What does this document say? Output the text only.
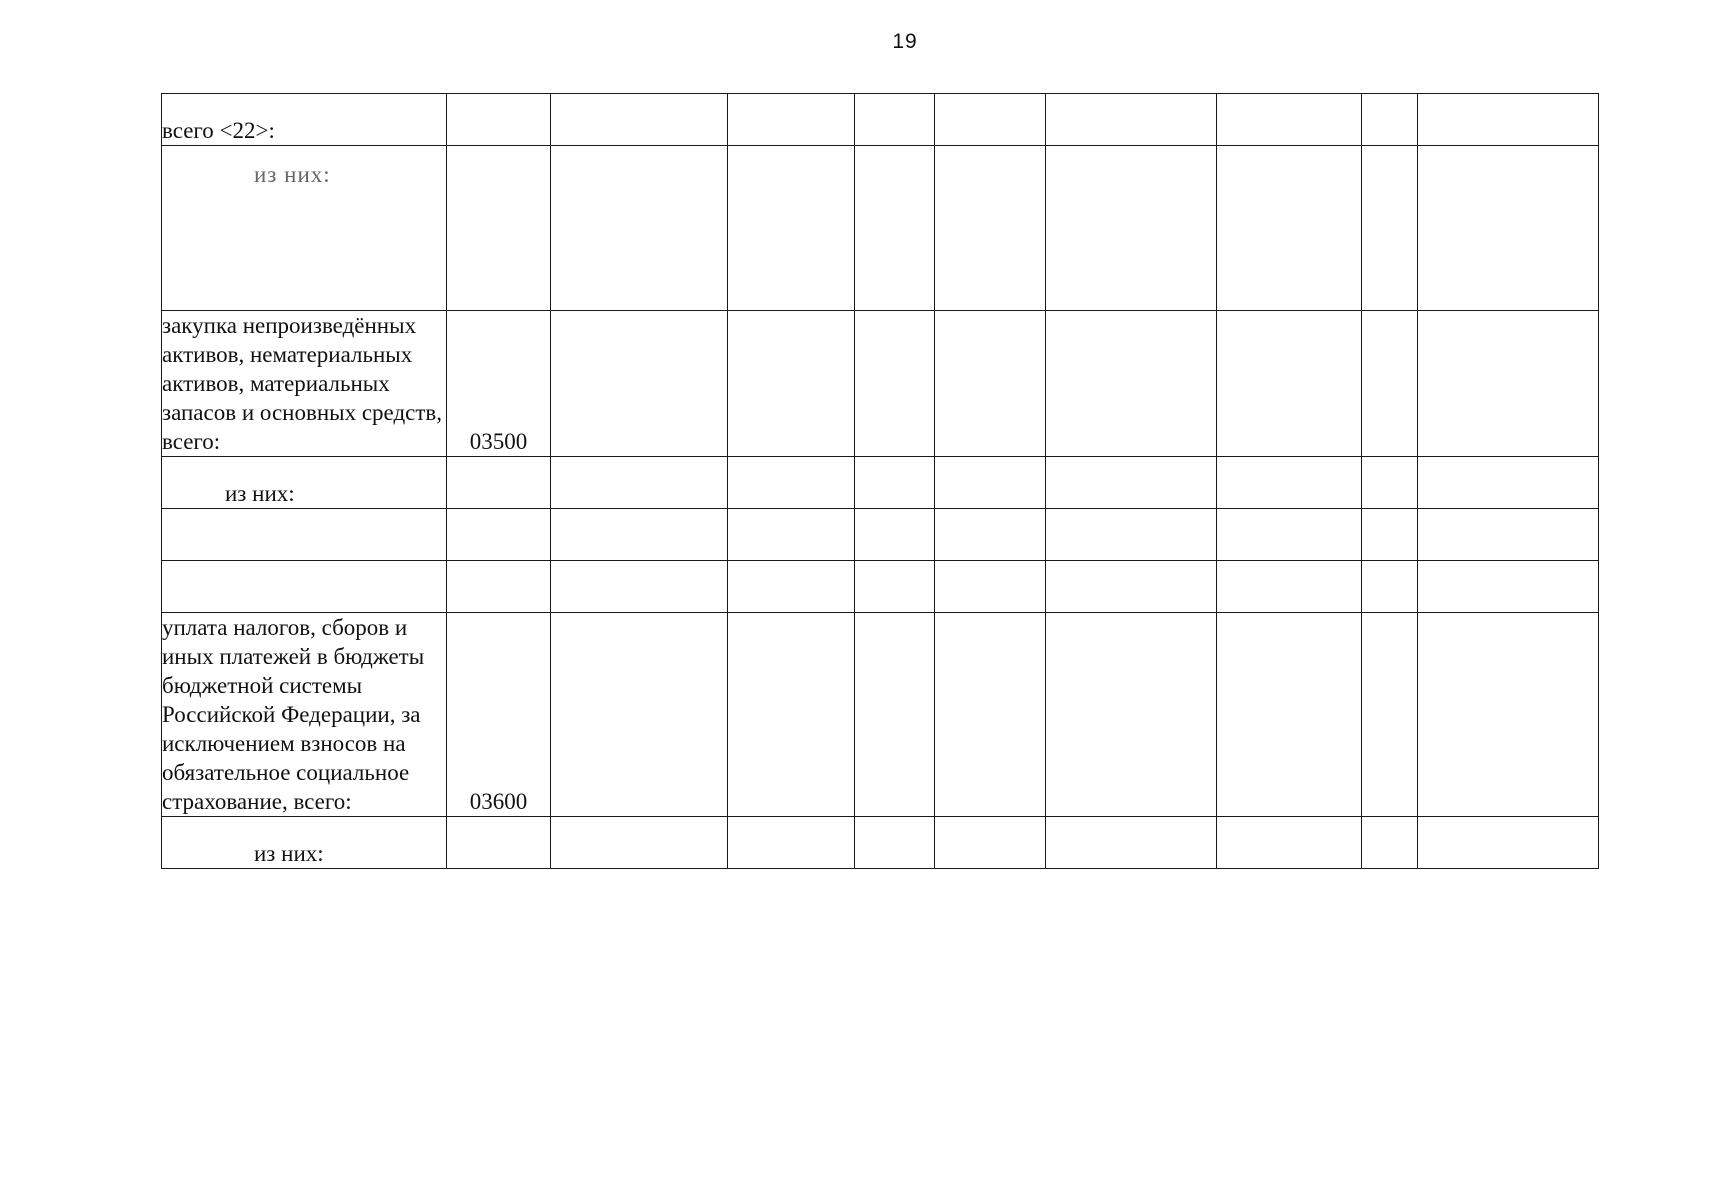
19
всего <22>:									
из них:									
закупка непроизведённых активов, нематериальных активов, материальных запасов и основных средств, всего:	03500								
из них:									

уплата налогов, сборов и иных платежей в бюджеты бюджетной системы Российской Федерации, за исключением взносов на обязательное социальное страхование, всего:	03600								
из них:									
